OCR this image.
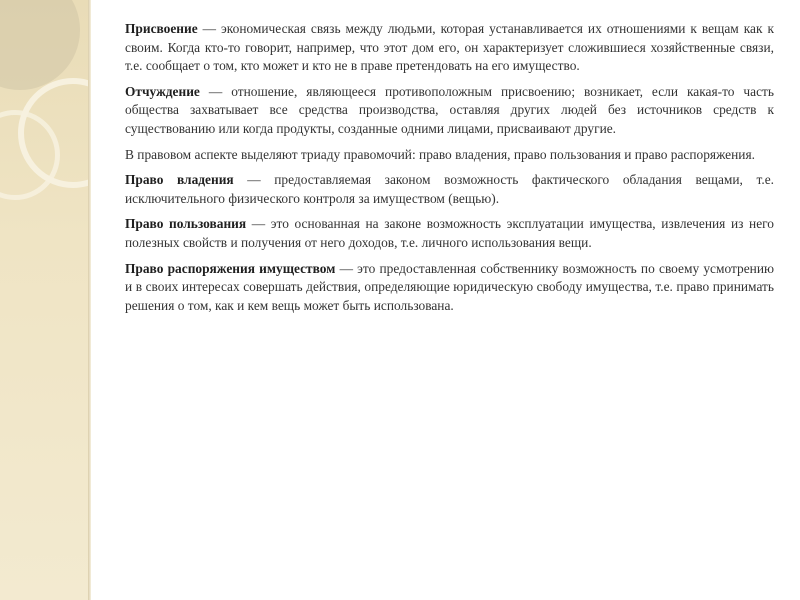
Присвоение — экономическая связь между людьми, которая устанавливается их отношениями к вещам как к своим. Когда кто-то говорит, например, что этот дом его, он характеризует сложившиеся хозяйственные связи, т.е. сообщает о том, кто может и кто не в праве претендовать на его имущество.

Отчуждение — отношение, являющееся противоположным присвоению; возникает, если какая-то часть общества захватывает все средства производства, оставляя других людей без источников средств к существованию или когда продукты, созданные одними лицами, присваивают другие.

В правовом аспекте выделяют триаду правомочий: право владения, право пользования и право распоряжения.

Право владения — предоставляемая законом возможность фактического обладания вещами, т.е. исключительного физического контроля за имуществом (вещью).

Право пользования — это основанная на законе возможность эксплуатации имущества, извлечения из него полезных свойств и получения от него доходов, т.е. личного использования вещи.

Право распоряжения имуществом — это предоставленная собственнику возможность по своему усмотрению и в своих интересах совершать действия, определяющие юридическую свободу имущества, т.е. право принимать решения о том, как и кем вещь может быть использована.
